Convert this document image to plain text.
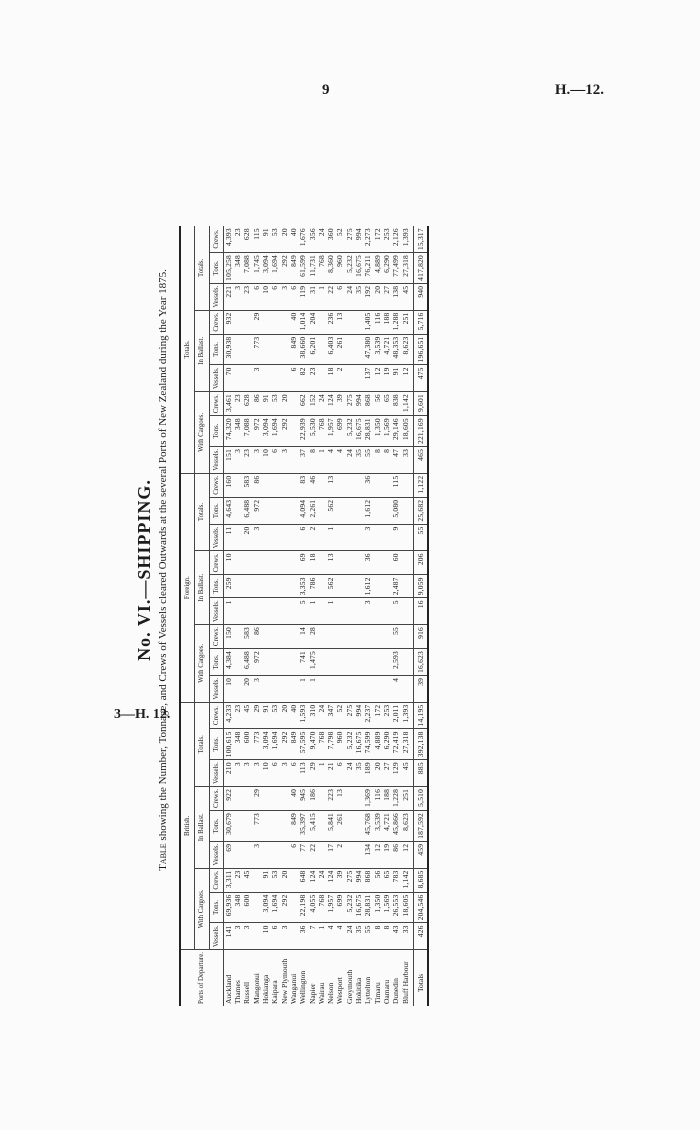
9	H.—12.
3—H. 12.
No. VI.—SHIPPING.
Table showing the Number, Tonnage, and Crews of Vessels cleared Outwards at the several Ports of New Zealand during the Year 1875.
Ports of Departure.	British.									Foreign.									Totals.								
	With Cargoes.			In Ballast.			Totals.			With Cargoes.			In Ballast.			Totals.			With Cargoes.			In Ballast.			Totals.		
	Vessels.	Tons.	Crews.	Vessels.	Tons.	Crews.	Vessels.	Tons.	Crews.	Vessels.	Tons.	Crews.	Vessels.	Tons.	Crews.	Vessels.	Tons.	Crews.	Vessels.	Tons.	Crews.	Vessels.	Tons.	Crews.	Vessels.	Tons.	Crews.
Auckland	141	69,936	3,311	69	30,679	922	210	100,615	4,233	10	4,384	150	1	259	10	11	4,643	160	151	74,320	3,461	70	30,938	932	221	105,258	4,393
Thames	3	348	23				3	348	23										3	348	23				3	348	23
Russell	3	600	45				3	600	45	20	6,488	583				20	6,488	583	23	7,088	628				23	7,088	628
Mangonui				3	773	29	3	773	29	3	972	86				3	972	86	3	972	86	3	773	29	6	1,745	115
Hokianga	10	3,094	91				10	3,094	91										10	3,094	91				10	3,094	91
Kaipara	6	1,694	53				6	1,694	53										6	1,694	53				6	1,694	53
New Plymouth	3	292	20				3	292	20										3	292	20				3	292	20
Wanganui				6	849	40	6	849	40													6	849	40	6	849	40
Wellington	36	22,198	648	77	35,397	945	113	57,595	1,593	1	741	14	5	3,353	69	6	4,094	83	37	22,939	662	82	38,660	1,014	119	61,599	1,676
Napier	7	4,055	124	22	5,415	186	29	9,470	310	1	1,475	28	1	786	18	2	2,261	46	8	5,530	152	23	6,201	204	31	11,731	356
Wairau	1	768	24				1	768	24										1	768	24				1	768	24
Nelson	4	1,957	124	17	5,841	223	21	7,798	347				1	562	13	1	562	13	4	1,957	124	18	6,403	236	22	8,360	360
Westport	4	699	39	2	261	13	6	960	52										4	699	39	2	261	13	6	960	52
Greymouth	24	5,232	275				24	5,232	275										24	5,232	275				24	5,232	275
Hokitika	35	16,675	994				35	16,675	994										35	16,675	994				35	16,675	994
Lyttelton	55	28,831	868	134	45,768	1,369	189	74,599	2,237				3	1,612	36	3	1,612	36	55	28,831	868	137	47,380	1,405	192	76,211	2,273
Timaru	8	1,350	56	12	3,539	116	20	4,889	172										8	1,350	56	12	3,539	116	20	4,889	172
Oamaru	8	1,569	65	19	4,721	188	27	6,290	253										8	1,569	65	19	4,721	188	27	6,290	253
Dunedin	43	26,553	783	86	45,866	1,228	129	72,419	2,011	4	2,593	55	5	2,487	60	9	5,080	115	47	29,146	838	91	48,353	1,288	138	77,499	2,126
Bluff Harbour	33	18,605	1,142	12	8,623	251	45	27,318	1,393										33	18,605	1,142	12	8,623	251	45	27,318	1,393
Totals	426	204,546	8,685	459	187,592	5,510	885	392,138	14,195	39	16,623	916	16	9,059	206	55	25,682	1,122	465	221,169	9,601	475	196,651	5,716	940	417,820	15,317
